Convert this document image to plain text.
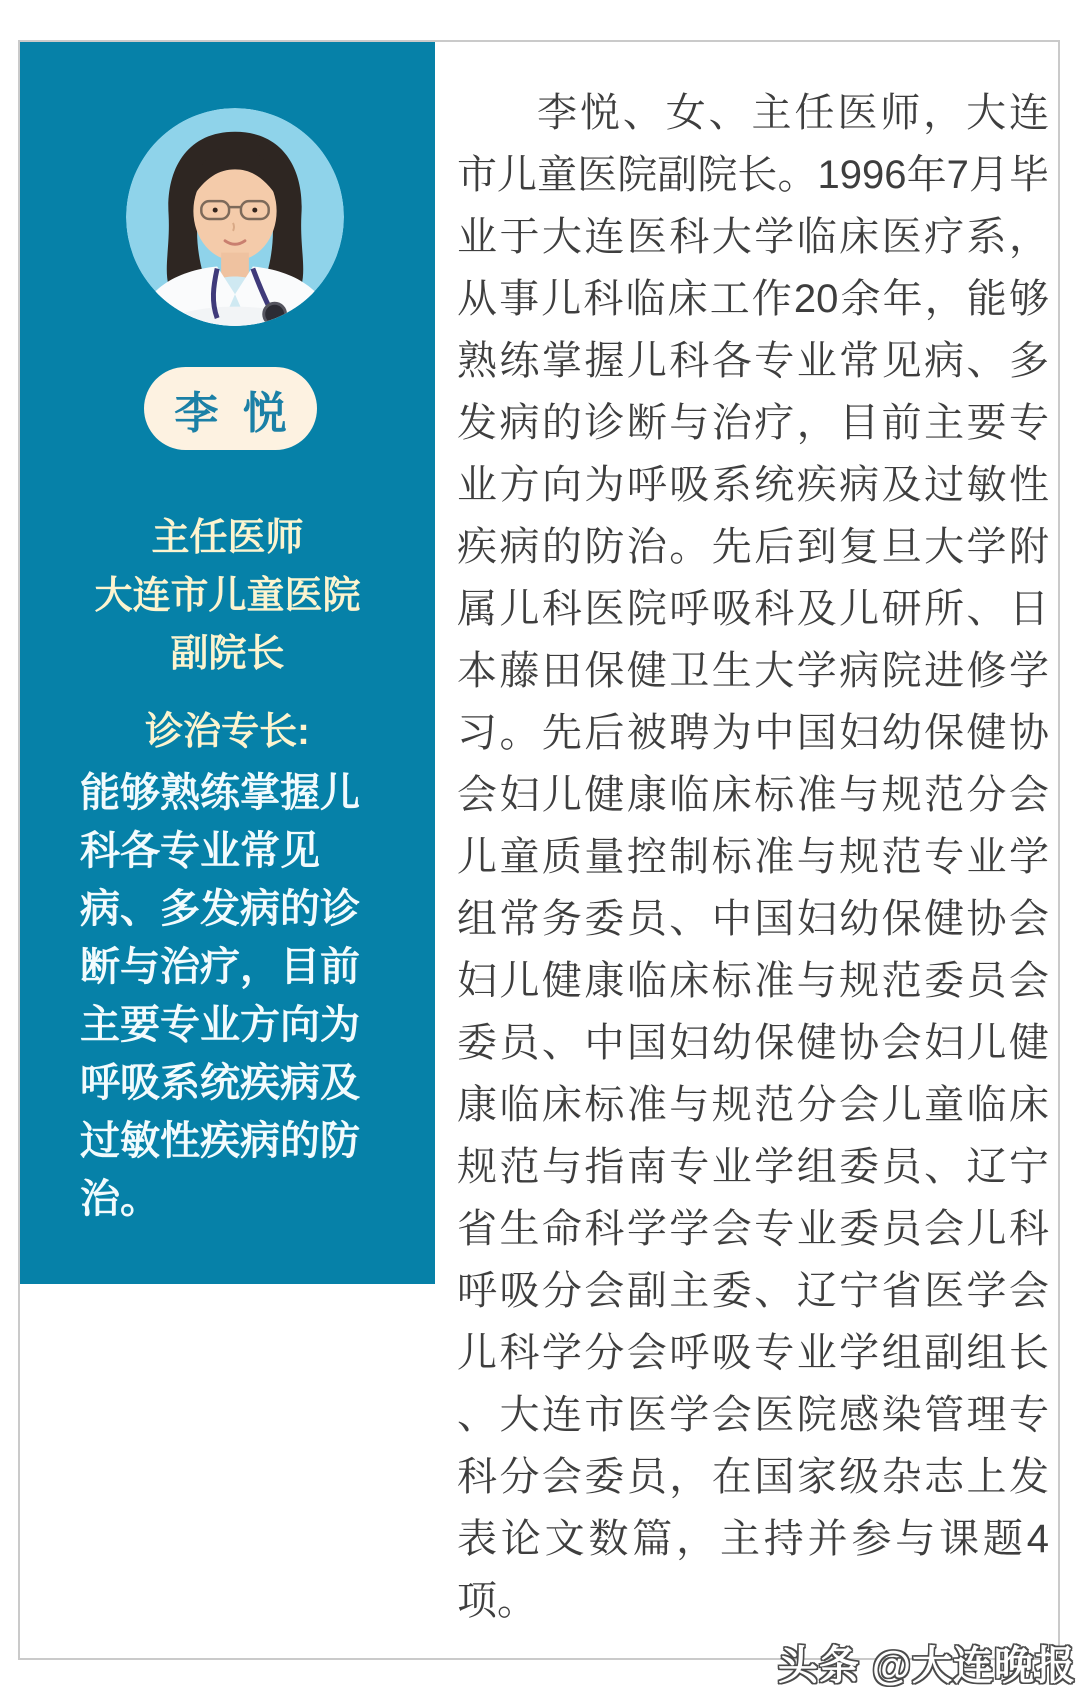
李 悦
主任医师
大连市儿童医院
副院长
诊治专长:
能够熟练掌握儿
科各专业常见
病、多发病的诊
断与治疗，目前
主要专业方向为
呼吸系统疾病及
过敏性疾病的防
治。

李悦、女、主任医师，大连市儿童医院副院长。1996年7月毕业于大连医科大学临床医疗系，从事儿科临床工作20余年，能够熟练掌握儿科各专业常见病、多发病的诊断与治疗，目前主要专业方向为呼吸系统疾病及过敏性疾病的防治。先后到复旦大学附属儿科医院呼吸科及儿研所、日本藤田保健卫生大学病院进修学习。先后被聘为中国妇幼保健协会妇儿健康临床标准与规范分会儿童质量控制标准与规范专业学组常务委员、中国妇幼保健协会妇儿健康临床标准与规范委员会委员、中国妇幼保健协会妇儿健康临床标准与规范分会儿童临床规范与指南专业学组委员、辽宁省生命科学学会专业委员会儿科呼吸分会副主委、辽宁省医学会儿科学分会呼吸专业学组副组长 、大连市医学会医院感染管理专科分会委员，在国家级杂志上发表论文数篇，主持并参与课题4项。

头条 @大连晚报
